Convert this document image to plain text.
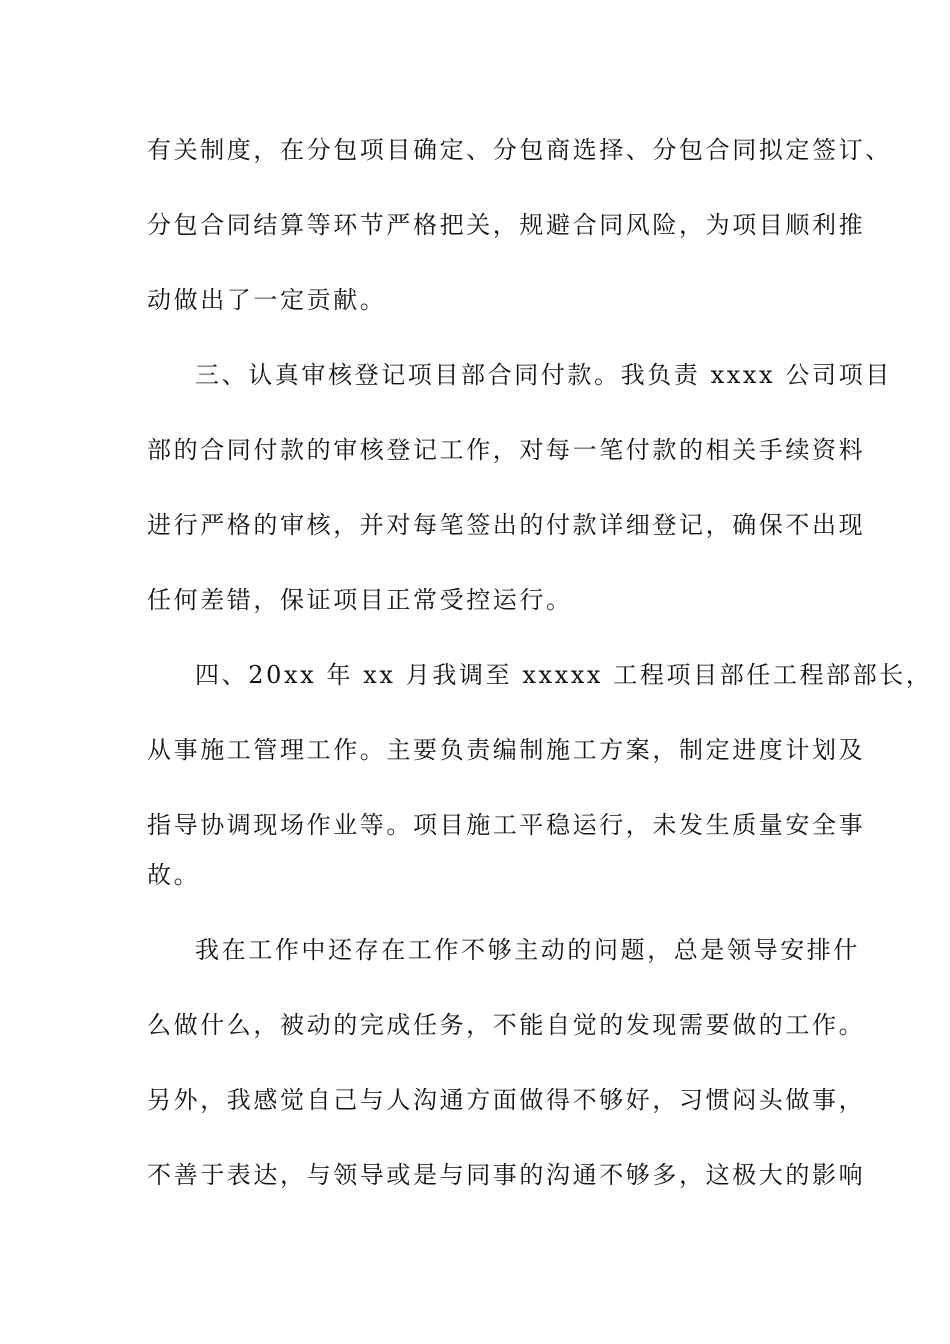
有关制度，在分包项目确定、分包商选择、分包合同拟定签订、
分包合同结算等环节严格把关，规避合同风险，为项目顺利推
动做出了一定贡献。
三、认真审核登记项目部合同付款。我负责 xxxx 公司项目
部的合同付款的审核登记工作，对每一笔付款的相关手续资料
进行严格的审核，并对每笔签出的付款详细登记，确保不出现
任何差错，保证项目正常受控运行。
四、20xx 年 xx 月我调至 xxxxx 工程项目部任工程部部长，
从事施工管理工作。主要负责编制施工方案，制定进度计划及
指导协调现场作业等。项目施工平稳运行，未发生质量安全事
故。
我在工作中还存在工作不够主动的问题，总是领导安排什
么做什么，被动的完成任务，不能自觉的发现需要做的工作。
另外，我感觉自己与人沟通方面做得不够好，习惯闷头做事，
不善于表达，与领导或是与同事的沟通不够多，这极大的影响
